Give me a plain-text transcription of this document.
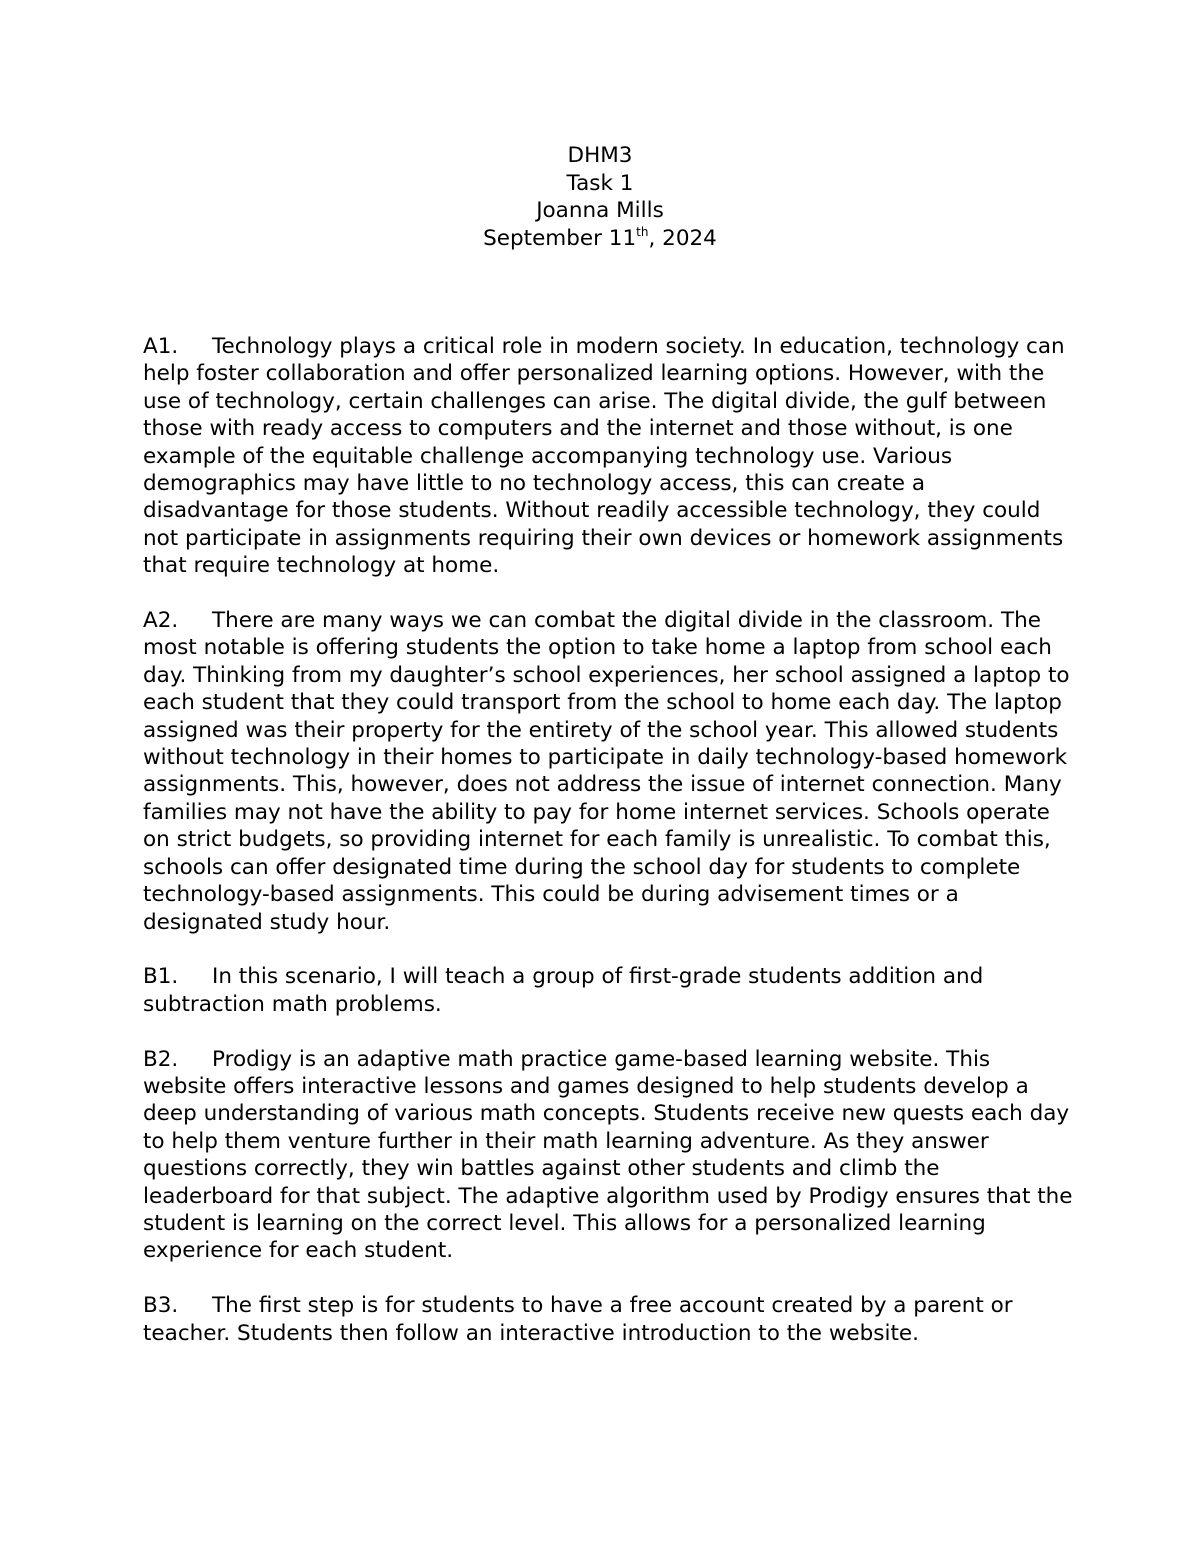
DHM3
Task 1
Joanna Mills
September 11th, 2024

A1. Technology plays a critical role in modern society. In education, technology can help foster collaboration and offer personalized learning options. However, with the use of technology, certain challenges can arise. The digital divide, the gulf between those with ready access to computers and the internet and those without, is one example of the equitable challenge accompanying technology use. Various demographics may have little to no technology access, this can create a disadvantage for those students. Without readily accessible technology, they could not participate in assignments requiring their own devices or homework assignments that require technology at home.

A2. There are many ways we can combat the digital divide in the classroom. The most notable is offering students the option to take home a laptop from school each day. Thinking from my daughter’s school experiences, her school assigned a laptop to each student that they could transport from the school to home each day. The laptop assigned was their property for the entirety of the school year. This allowed students without technology in their homes to participate in daily technology-based homework assignments. This, however, does not address the issue of internet connection. Many families may not have the ability to pay for home internet services. Schools operate on strict budgets, so providing internet for each family is unrealistic. To combat this, schools can offer designated time during the school day for students to complete technology-based assignments. This could be during advisement times or a designated study hour.

B1. In this scenario, I will teach a group of first-grade students addition and subtraction math problems.

B2. Prodigy is an adaptive math practice game-based learning website. This website offers interactive lessons and games designed to help students develop a deep understanding of various math concepts. Students receive new quests each day to help them venture further in their math learning adventure. As they answer questions correctly, they win battles against other students and climb the leaderboard for that subject. The adaptive algorithm used by Prodigy ensures that the student is learning on the correct level. This allows for a personalized learning experience for each student.

B3. The first step is for students to have a free account created by a parent or teacher. Students then follow an interactive introduction to the website.
